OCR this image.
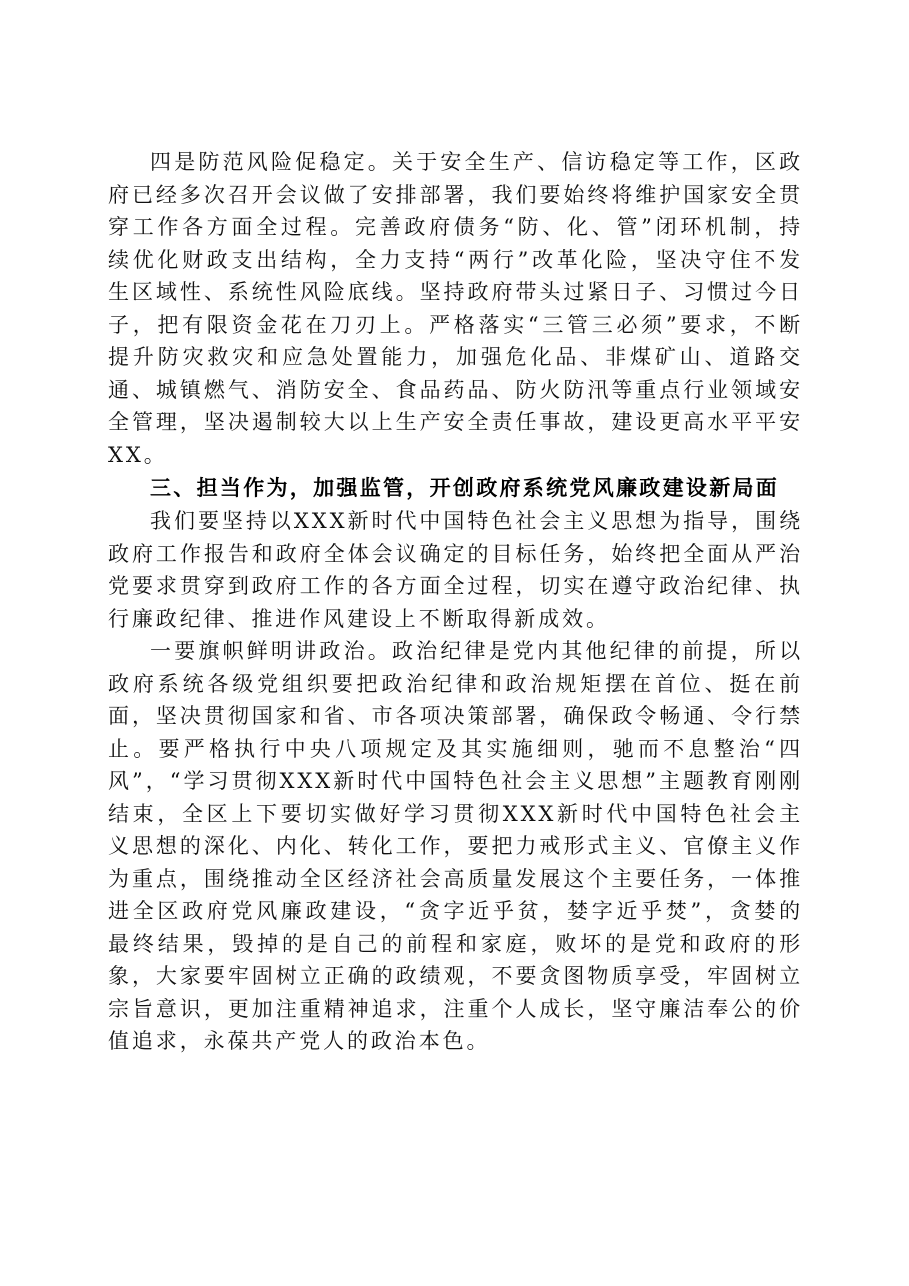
四是防范风险促稳定。关于安全生产、信访稳定等工作，区政府已经多次召开会议做了安排部署，我们要始终将维护国家安全贯穿工作各方面全过程。完善政府债务“防、化、管”闭环机制，持续优化财政支出结构，全力支持“两行”改革化险，坚决守住不发生区域性、系统性风险底线。坚持政府带头过紧日子、习惯过今日子，把有限资金花在刀刃上。严格落实“三管三必须”要求，不断提升防灾救灾和应急处置能力，加强危化品、非煤矿山、道路交通、城镇燃气、消防安全、食品药品、防火防汛等重点行业领域安全管理，坚决遏制较大以上生产安全责任事故，建设更高水平平安XX。

三、担当作为，加强监管，开创政府系统党风廉政建设新局面

我们要坚持以XXX新时代中国特色社会主义思想为指导，围绕政府工作报告和政府全体会议确定的目标任务，始终把全面从严治党要求贯穿到政府工作的各方面全过程，切实在遵守政治纪律、执行廉政纪律、推进作风建设上不断取得新成效。

一要旗帜鲜明讲政治。政治纪律是党内其他纪律的前提，所以政府系统各级党组织要把政治纪律和政治规矩摆在首位、挺在前面，坚决贯彻国家和省、市各项决策部署，确保政令畅通、令行禁止。要严格执行中央八项规定及其实施细则，驰而不息整治“四风”，“学习贯彻XXX新时代中国特色社会主义思想”主题教育刚刚结束，全区上下要切实做好学习贯彻XXX新时代中国特色社会主义思想的深化、内化、转化工作，要把力戒形式主义、官僚主义作为重点，围绕推动全区经济社会高质量发展这个主要任务，一体推进全区政府党风廉政建设，“贪字近乎贫，婪字近乎焚”，贪婪的最终结果，毁掉的是自己的前程和家庭，败坏的是党和政府的形象，大家要牢固树立正确的政绩观，不要贪图物质享受，牢固树立宗旨意识，更加注重精神追求，注重个人成长，坚守廉洁奉公的价值追求，永葆共产党人的政治本色。
